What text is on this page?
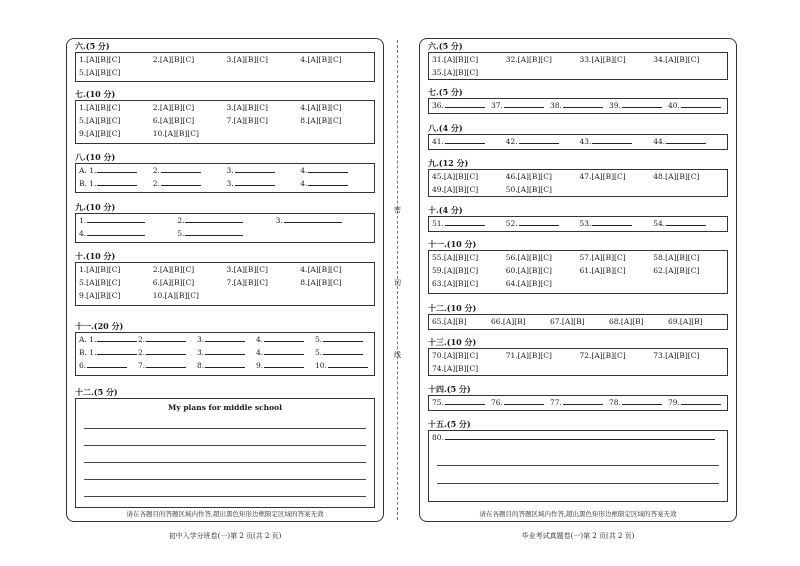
密
切
线
六.(5 分)
1.[A][B][C]	2.[A][B][C]	3.[A][B][C]	4.[A][B][C]
5.[A][B][C]
七.(10 分)
1.[A][B][C]	2.[A][B][C]	3.[A][B][C]	4.[A][B][C]
5.[A][B][C]	6.[A][B][C]	7.[A][B][C]	8.[A][B][C]
9.[A][B][C]	10.[A][B][C]
八.(10 分)
A. 1.	2.	3.	4.
B. 1.	2.	3.	4.
九.(10 分)
1.	2.	3.
4.	5.
十.(10 分)
1.[A][B][C]	2.[A][B][C]	3.[A][B][C]	4.[A][B][C]
5.[A][B][C]	6.[A][B][C]	7.[A][B][C]	8.[A][B][C]
9.[A][B][C]	10.[A][B][C]
十一.(20 分)
A. 1.	2.	3.	4.	5.
B. 1.	2.	3.	4.	5.
6.	7.	8.	9.	10.
十二.(5 分)
My plans for middle school
请在各题目的答题区域内作答,超出黑色矩形边框限定区域的答案无效
初中入学分班卷(一)第 2 页(共 2 页)
六.(5 分)
31.[A][B][C]	32.[A][B][C]	33.[A][B][C]	34.[A][B][C]
35.[A][B][C]
七.(5 分)
36.	37.	38.	39.	40.
八.(4 分)
41.	42.	43.	44.
九.(12 分)
45.[A][B][C]	46.[A][B][C]	47.[A][B][C]	48.[A][B][C]
49.[A][B][C]	50.[A][B][C]
十.(4 分)
51.	52.	53.	54.
十一.(10 分)
55.[A][B][C]	56.[A][B][C]	57.[A][B][C]	58.[A][B][C]
59.[A][B][C]	60.[A][B][C]	61.[A][B][C]	62.[A][B][C]
63.[A][B][C]	64.[A][B][C]
十二.(10 分)
65.[A][B]	66.[A][B]	67.[A][B]	68.[A][B]	69.[A][B]
十三.(10 分)
70.[A][B][C]	71.[A][B][C]	72.[A][B][C]	73.[A][B][C]
74.[A][B][C]
十四.(5 分)
75.	76.	77.	78.	79.
十五.(5 分)
80.
请在各题目的答题区域内作答,超出黑色矩形边框限定区域的答案无效
毕业考试真题卷(一)第 2 页(共 2 页)
